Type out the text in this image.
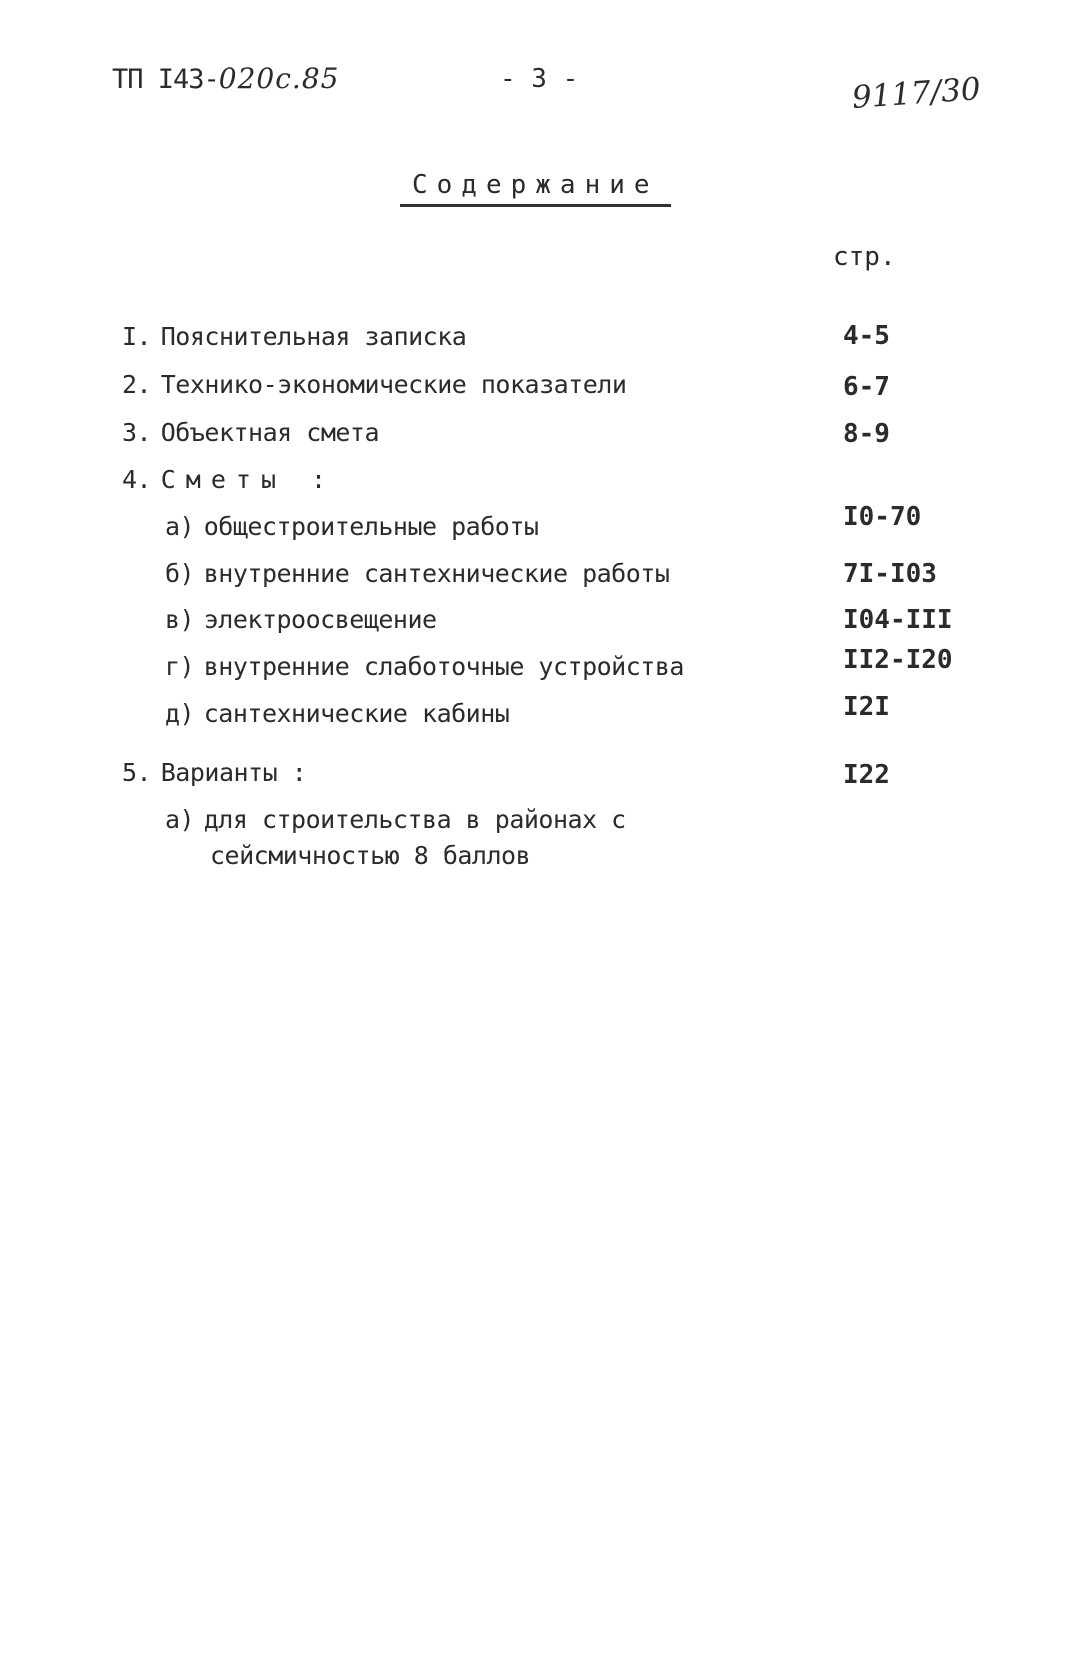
ТП I43-020с.85	- 3 -	9117/30
Содержание
стр.
I. Пояснительная записка	4-5
2. Технико-экономические показатели	6-7
3. Объектная смета	8-9
4. Сметы :
а) общестроительные работы	I0-70
б) внутренние сантехнические работы	7I-I03
в) электроосвещение	I04-III
г) внутренние слаботочные устройства	II2-I20
д) сантехнические кабины	I2I
5. Варианты :	I22
а) для строительства в районах с
сейсмичностью 8 баллов
